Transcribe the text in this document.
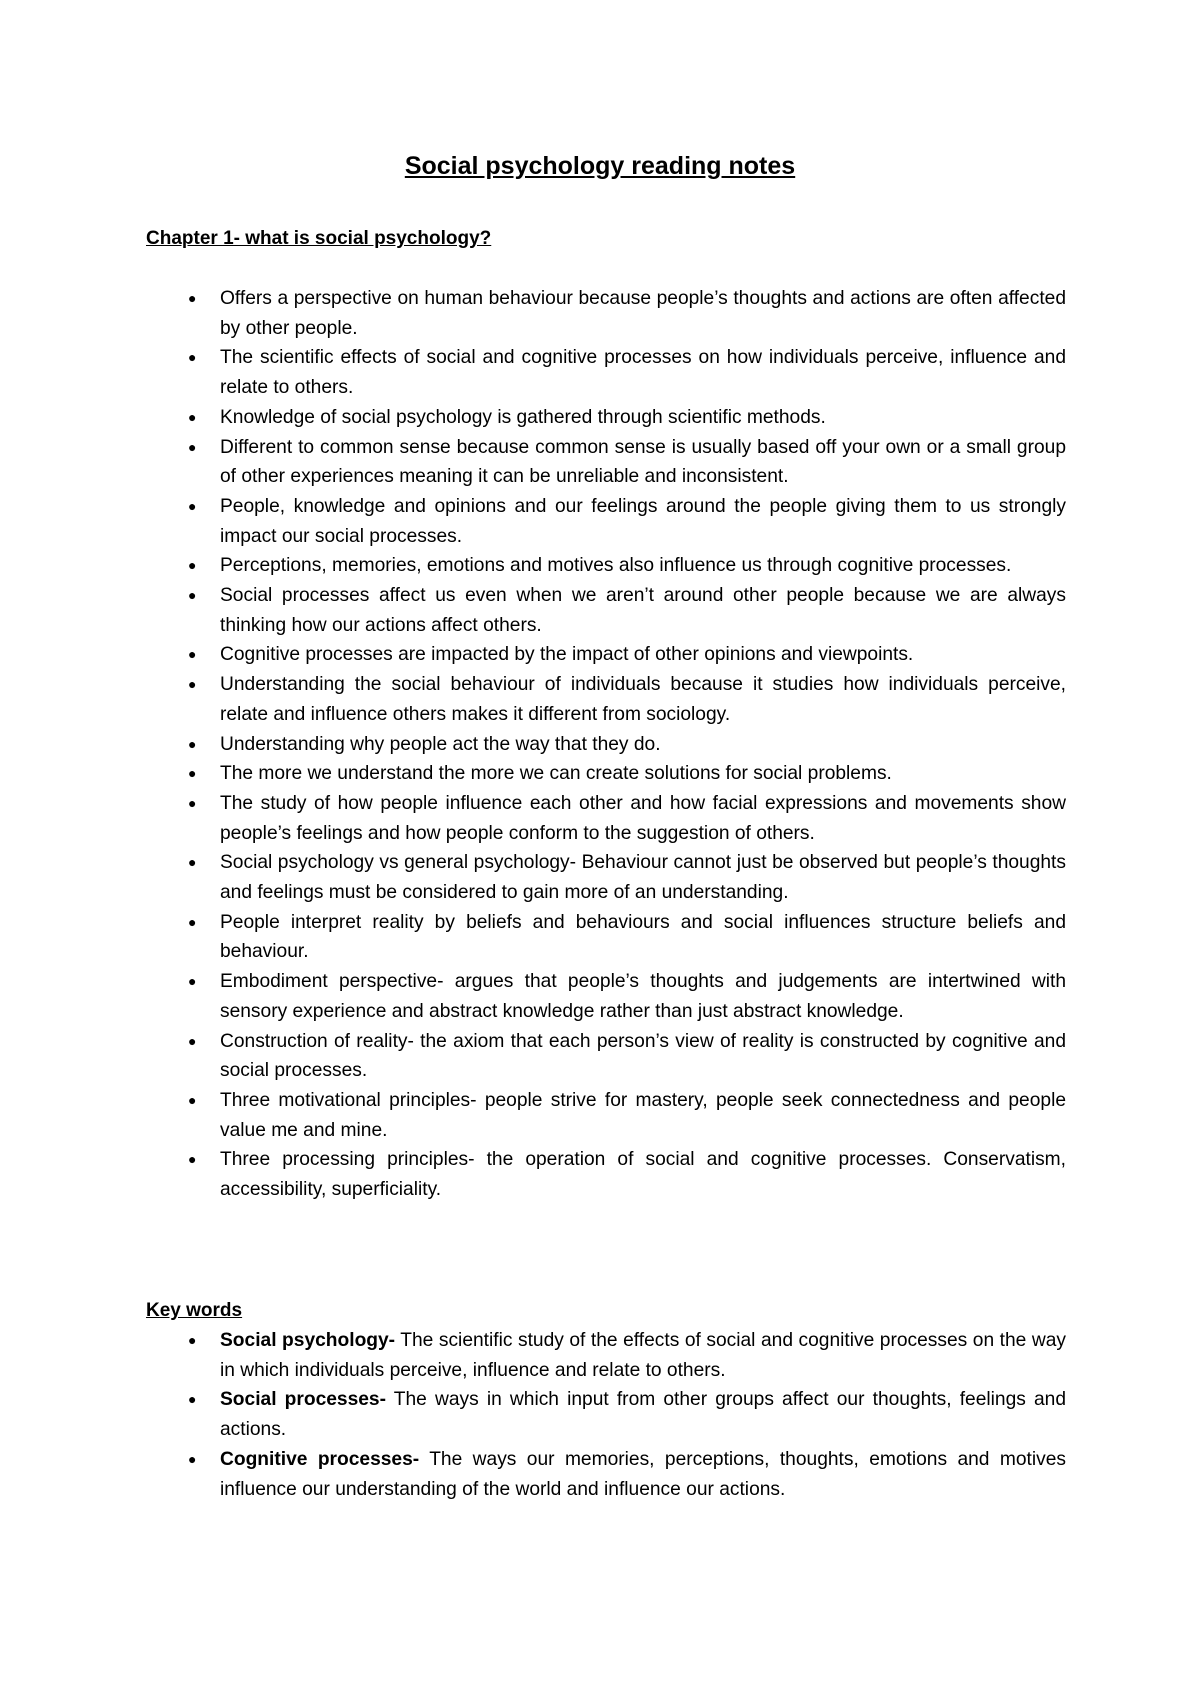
Social psychology reading notes
Chapter 1- what is social psychology?
● Offers a perspective on human behaviour because people’s thoughts and actions are often affected by other people.
● The scientific effects of social and cognitive processes on how individuals perceive, influence and relate to others.
● Knowledge of social psychology is gathered through scientific methods.
● Different to common sense because common sense is usually based off your own or a small group of other experiences meaning it can be unreliable and inconsistent.
● People, knowledge and opinions and our feelings around the people giving them to us strongly impact our social processes.
● Perceptions, memories, emotions and motives also influence us through cognitive processes.
● Social processes affect us even when we aren’t around other people because we are always thinking how our actions affect others.
● Cognitive processes are impacted by the impact of other opinions and viewpoints.
● Understanding the social behaviour of individuals because it studies how individuals perceive, relate and influence others makes it different from sociology.
● Understanding why people act the way that they do.
● The more we understand the more we can create solutions for social problems.
● The study of how people influence each other and how facial expressions and movements show people’s feelings and how people conform to the suggestion of others.
● Social psychology vs general psychology- Behaviour cannot just be observed but people’s thoughts and feelings must be considered to gain more of an understanding.
● People interpret reality by beliefs and behaviours and social influences structure beliefs and behaviour.
● Embodiment perspective- argues that people’s thoughts and judgements are intertwined with sensory experience and abstract knowledge rather than just abstract knowledge.
● Construction of reality- the axiom that each person’s view of reality is constructed by cognitive and social processes.
● Three motivational principles- people strive for mastery, people seek connectedness and people value me and mine.
● Three processing principles- the operation of social and cognitive processes. Conservatism, accessibility, superficiality.
Key words
● Social psychology- The scientific study of the effects of social and cognitive processes on the way in which individuals perceive, influence and relate to others.
● Social processes- The ways in which input from other groups affect our thoughts, feelings and actions.
● Cognitive processes- The ways our memories, perceptions, thoughts, emotions and motives influence our understanding of the world and influence our actions.
